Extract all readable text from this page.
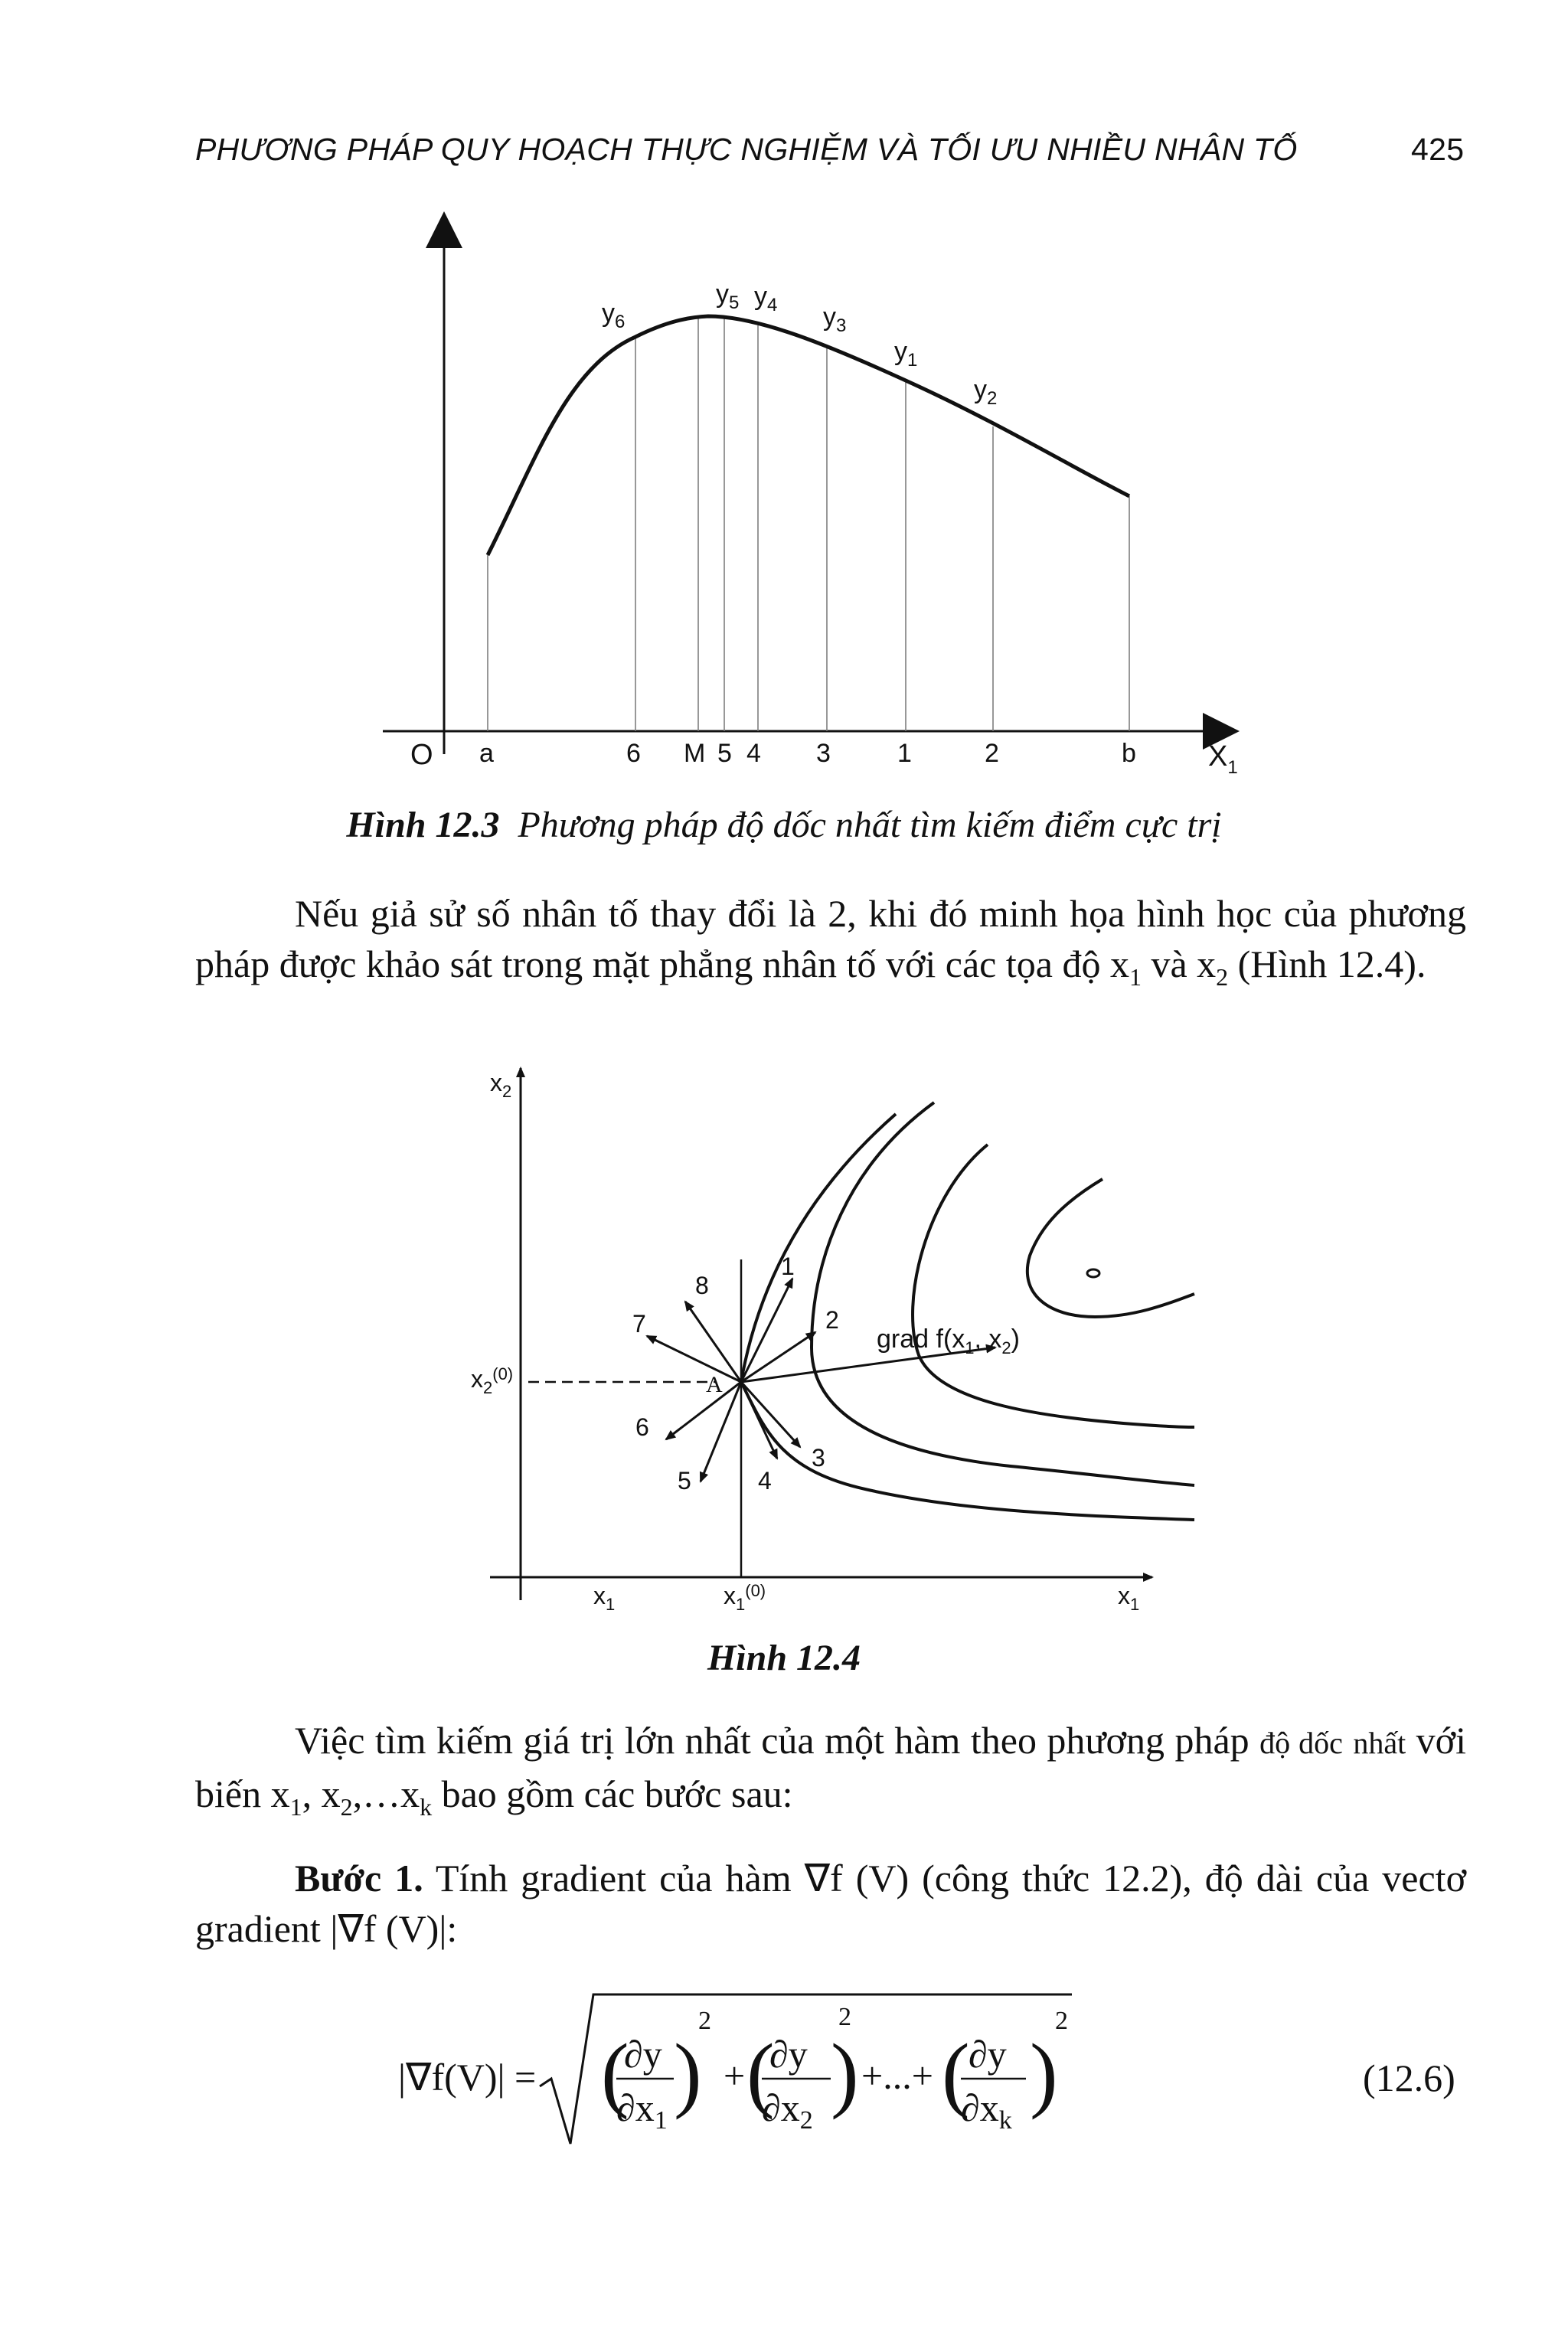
PHƯƠNG PHÁP QUY HOẠCH THỰC NGHIỆM VÀ TỐI ƯU NHIỀU NHÂN TỐ	425
$y_6$
$y_5$ $y_4$ $y_3$
$y_1$
$y_2$
O a	6 M 5 4 3	1	2	b $X_1$
Hình 12.3 Phương pháp độ dốc nhất tìm kiếm điểm cực trị
Nếu giả sử số nhân tố thay đổi là 2, khi đó minh họa hình học của phương pháp được khảo sát trong mặt phẳng nhân tố với các tọa độ $x_1$ và $x_2$ (Hình 12.4).
$x_2$
$x_1$
$x_2^{(0)}$
$x_1$	$x_1^{(0)}$
A
1
2
3
4
5
6
7
8
grad $f(x_1$, $x_2$)
Hình 12.4
Việc tìm kiếm giá trị lớn nhất của một hàm theo phương pháp độ dốc nhất với biến $x_1$, $x_2,\dots x_k$ bao gồm các bước sau:
Bước 1. Tính gradient của hàm ∇f (V) (công thức 12.2), độ dài của vectơ gradient |∇f (V)|:
|∇f(V)| = (
∂y
$\partial x_1$
)
2
+ (
∂y
$\partial x_2$
)
2
+...+ (
∂y
$\partial x_k$
)
2
(12.6)
